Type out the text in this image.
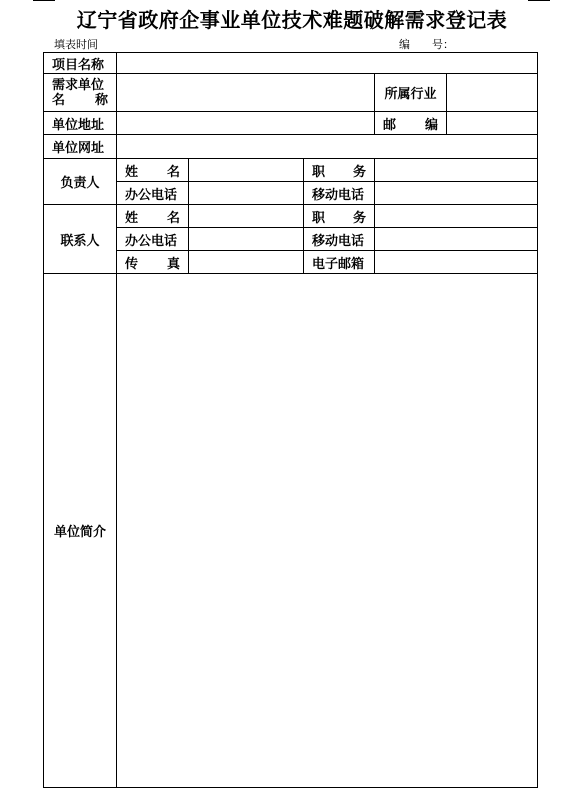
辽宁省政府企事业单位技术难题破解需求登记表
填表时间	编　　号：
项目名称
需求单位
名 称	所属行业
单位地址	邮 编
单位网址
负责人
姓 名	职 务
办公电话	移动电话
联系人
姓 名	职 务
办公电话	移动电话
传 真	电子邮箱
单位简介
